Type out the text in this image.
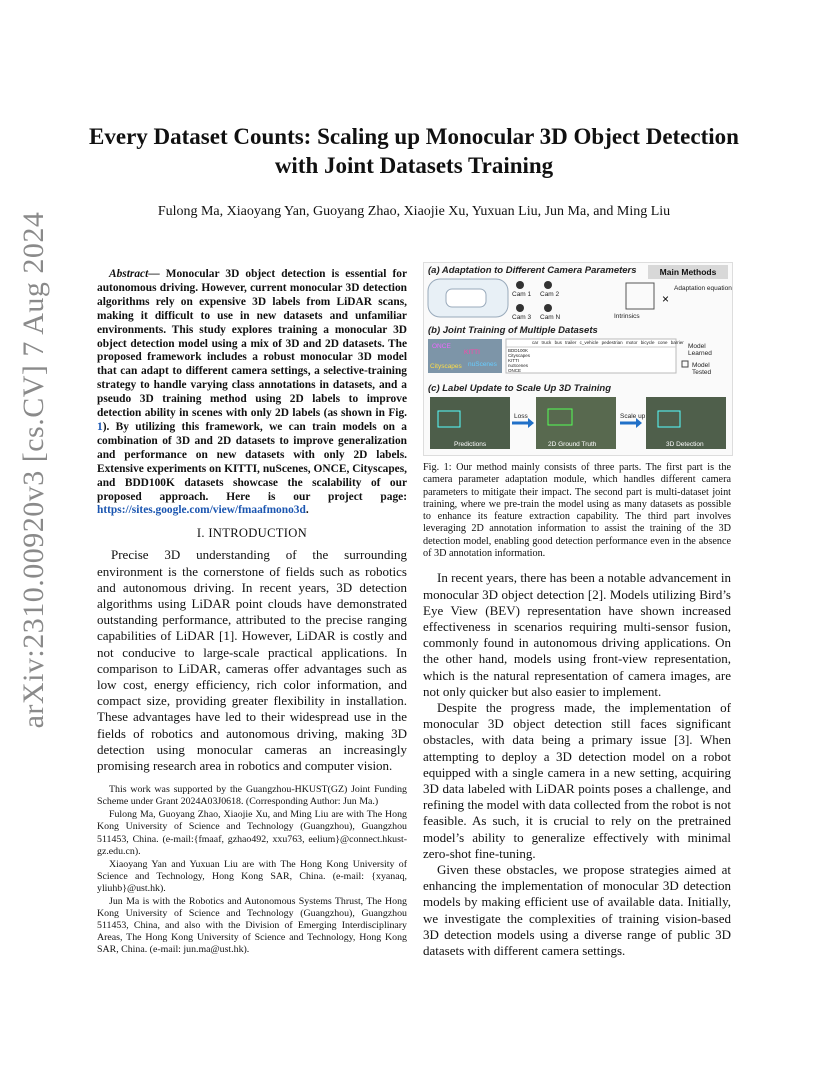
arXiv:2310.00920v3 [cs.CV] 7 Aug 2024
Every Dataset Counts: Scaling up Monocular 3D Object Detection
with Joint Datasets Training
Fulong Ma, Xiaoyang Yan, Guoyang Zhao, Xiaojie Xu, Yuxuan Liu, Jun Ma, and Ming Liu

Abstract— Monocular 3D object detection is essential for autonomous driving. However, current monocular 3D detection algorithms rely on expensive 3D labels from LiDAR scans, making it difficult to use in new datasets and unfamiliar environments. This study explores training a monocular 3D object detection model using a mix of 3D and 2D datasets. The proposed framework includes a robust monocular 3D model that can adapt to different camera settings, a selective-training strategy to handle varying class annotations in datasets, and a pseudo 3D training method using 2D labels to improve detection ability in scenes with only 2D labels (as shown in Fig. 1). By utilizing this framework, we can train models on a combination of 3D and 2D datasets to improve generalization and performance on new datasets with only 2D labels. Extensive experiments on KITTI, nuScenes, ONCE, Cityscapes, and BDD100K datasets showcase the scalability of our proposed approach. Here is our project page: https://sites.google.com/view/fmaafmono3d.

I. INTRODUCTION

Precise 3D understanding of the surrounding environment is the cornerstone of fields such as robotics and autonomous driving. In recent years, 3D detection algorithms using LiDAR point clouds have demonstrated outstanding performance, attributed to the precise ranging capabilities of LiDAR [1]. However, LiDAR is costly and not conducive to large-scale practical applications. In comparison to LiDAR, cameras offer advantages such as low cost, energy efficiency, rich color information, and compact size, providing greater flexibility in installation. These advantages have led to their widespread use in the fields of robotics and autonomous driving, making 3D detection using monocular cameras an increasingly promising research area in robotics and computer vision.

This work was supported by the Guangzhou-HKUST(GZ) Joint Funding Scheme under Grant 2024A03J0618. (Corresponding Author: Jun Ma.)

Fulong Ma, Guoyang Zhao, Xiaojie Xu, and Ming Liu are with The Hong Kong University of Science and Technology (Guangzhou), Guangzhou 511453, China. (e-mail:{fmaaf, gzhao492, xxu763, eelium}@connect.hkust-gz.edu.cn).

Xiaoyang Yan and Yuxuan Liu are with The Hong Kong University of Science and Technology, Hong Kong SAR, China. (e-mail: {xyanaq, yliuhb}@ust.hk).

Jun Ma is with the Robotics and Autonomous Systems Thrust, The Hong Kong University of Science and Technology (Guangzhou), Guangzhou 511453, China, and also with the Division of Emerging Interdisciplinary Areas, The Hong Kong University of Science and Technology, Hong Kong SAR, China. (e-mail: jun.ma@ust.hk).

×
(a) Adaptation to Different Camera Parameters	Main Methods
Cam 1 Cam 2
Cam 3 Cam N	Intrinsics
Adaptation equation
(b) Joint Training of Multiple Datasets
ONCE
KITTI
nuScenes
Cityscapes
BDD100K
Cityscapes
KITTI
nuScenes
ONCE
car truck bus trailer c_vehicle pedestrian motor bicycle cone barrier
Model Learned
Model Tested
(c) Label Update to Scale Up 3D Training
Loss	Scale up
Predictions	2D Ground Truth	3D Detection

Fig. 1: Our method mainly consists of three parts. The first part is the camera parameter adaptation module, which handles different camera parameters to mitigate their impact. The second part is multi-dataset joint training, where we pre-train the model using as many datasets as possible to enhance its feature extraction capability. The third part involves leveraging 2D annotation information to assist the training of the 3D detection model, enabling good detection performance even in the absence of 3D annotation information.

In recent years, there has been a notable advancement in monocular 3D object detection [2]. Models utilizing Bird’s Eye View (BEV) representation have shown increased effectiveness in scenarios requiring multi-sensor fusion, commonly found in autonomous driving applications. On the other hand, models using front-view representation, which is the natural representation of camera images, are not only quicker but also easier to implement.

Despite the progress made, the implementation of monocular 3D object detection still faces significant obstacles, with data being a primary issue [3]. When attempting to deploy a 3D detection model on a robot equipped with a single camera in a new setting, acquiring 3D data labeled with LiDAR points poses a challenge, and refining the model with data collected from the robot is not feasible. As such, it is crucial to rely on the pretrained model’s ability to generalize effectively with minimal zero-shot fine-tuning.

Given these obstacles, we propose strategies aimed at enhancing the implementation of monocular 3D detection models by making efficient use of available data. Initially, we investigate the complexities of training vision-based 3D detection models using a diverse range of public 3D datasets with different camera settings.
